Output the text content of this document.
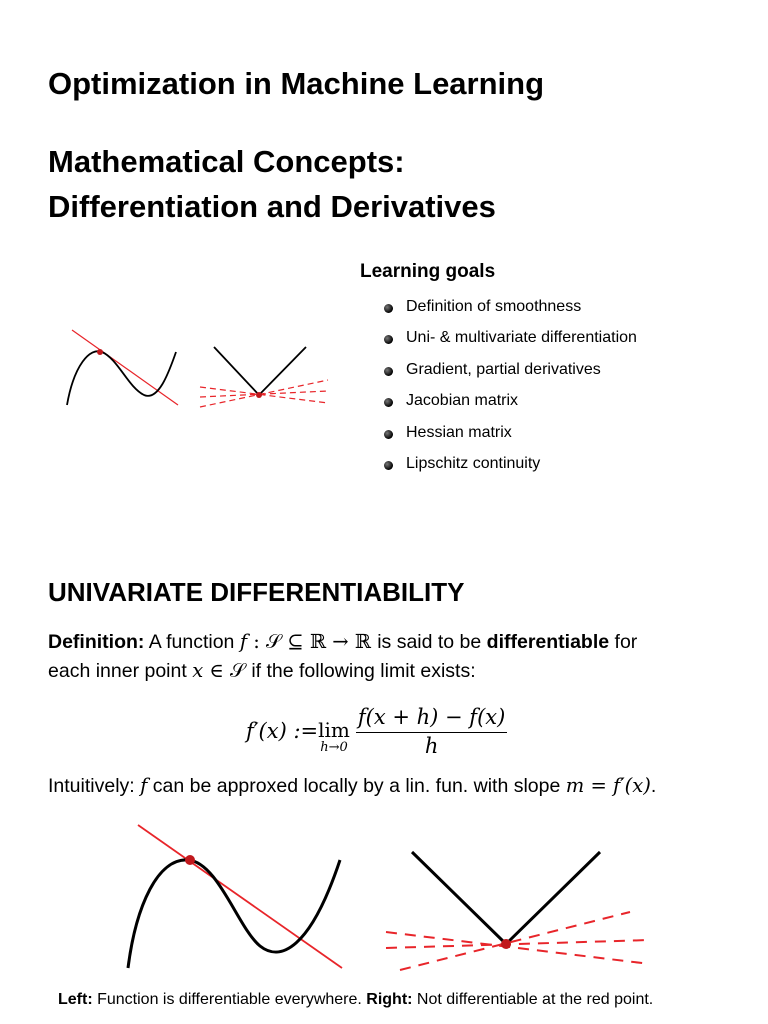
Optimization in Machine Learning
Mathematical Concepts:
Differentiation and Derivatives
Learning goals
Definition of smoothness
Uni- & multivariate differentiation
Gradient, partial derivatives
Jacobian matrix
Hessian matrix
Lipschitz continuity
UNIVARIATE DIFFERENTIABILITY
Definition: A function f : 𝒮 ⊆ ℝ → ℝ is said to be differentiable for
each inner point x ∈ 𝒮 if the following limit exists:
f′(x) :=	lim
h→0

f(x + h) − f(x)
h
Intuitively: f can be approxed locally by a lin. fun. with slope m = f′(x).
Left: Function is differentiable everywhere. Right: Not differentiable at the red point.
